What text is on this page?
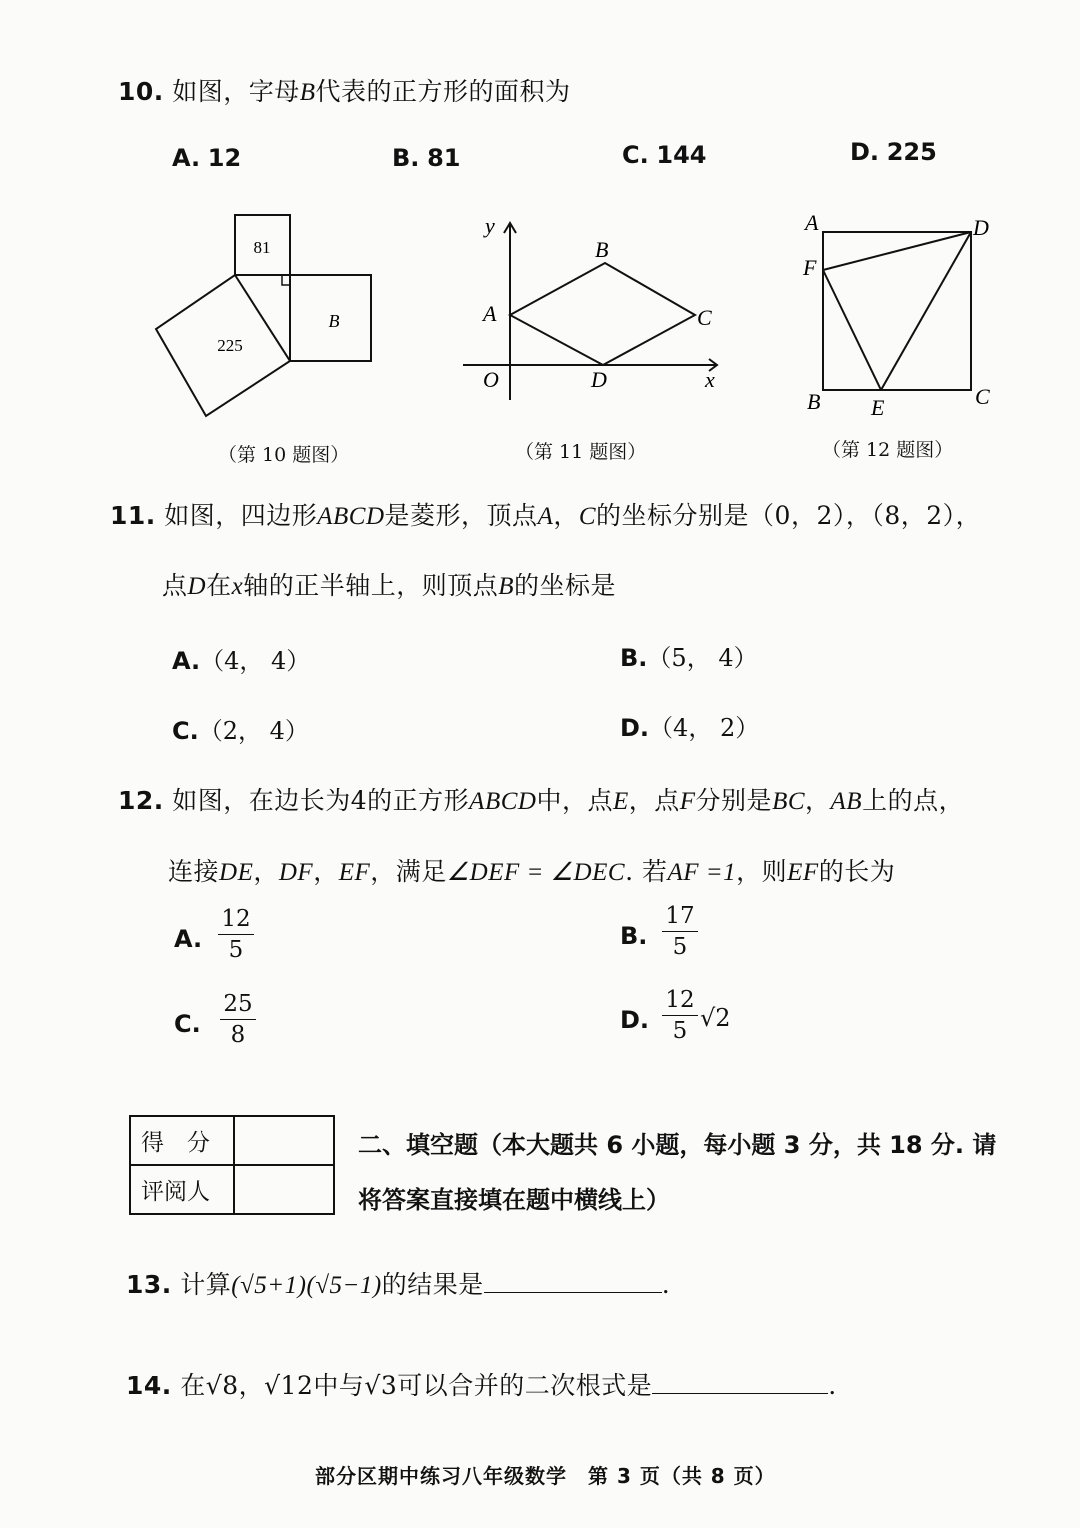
10. 如图，字母B代表的正方形的面积为
A. 12	B. 81	C. 144	D. 225
81
225
B
（第 10 题图）
y
x
O
A
B
C
D
（第 11 题图）
A	D
F
B E	C
（第 12 题图）
11. 如图，四边形ABCD是菱形，顶点A，C的坐标分别是（0，2），（8，2），
点D在x轴的正半轴上，则顶点B的坐标是
A.（4， 4）	B.（5， 4）
C.（2， 4）	D.（4， 2）
12. 如图，在边长为4的正方形ABCD中，点E，点F分别是BC，AB上的点，
连接DE，DF，EF，满足∠DEF = ∠DEC. 若AF =1，则EF的长为
A.
12
5	B.
17
5
C.
25
8
D.
12
5 √2
得　分	
评阅人	
二、填空题（本大题共 6 小题，每小题 3 分，共 18 分. 请
将答案直接填在题中横线上）
13. 计算(√5+1)(√5−1)的结果是	.
14. 在√8，√12中与√3可以合并的二次根式是	.
部分区期中练习八年级数学　第 3 页（共 8 页）
